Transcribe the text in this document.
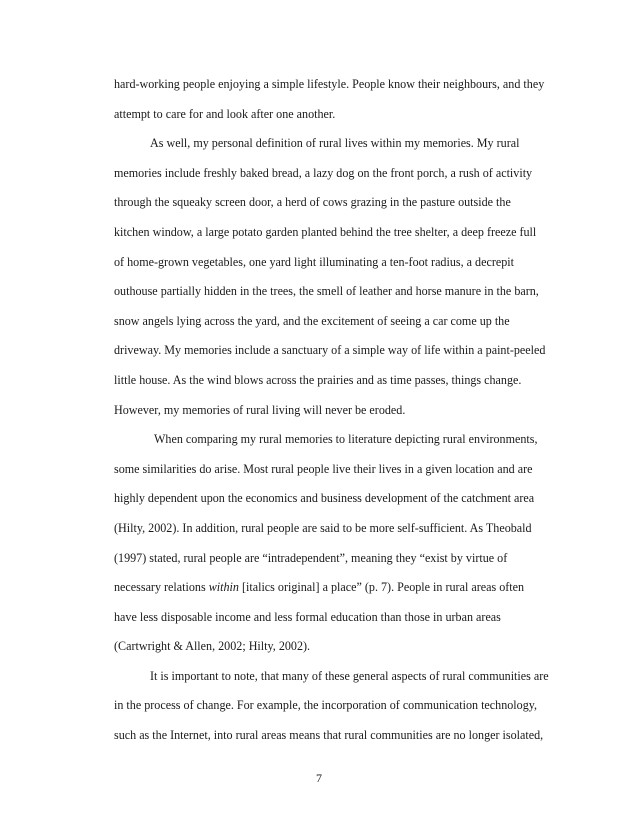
hard-working people enjoying a simple lifestyle. People know their neighbours, and they
attempt to care for and look after one another.
As well, my personal definition of rural lives within my memories. My rural
memories include freshly baked bread, a lazy dog on the front porch, a rush of activity
through the squeaky screen door, a herd of cows grazing in the pasture outside the
kitchen window, a large potato garden planted behind the tree shelter, a deep freeze full
of home-grown vegetables, one yard light illuminating a ten-foot radius, a decrepit
outhouse partially hidden in the trees, the smell of leather and horse manure in the barn,
snow angels lying across the yard, and the excitement of seeing a car come up the
driveway. My memories include a sanctuary of a simple way of life within a paint-peeled
little house. As the wind blows across the prairies and as time passes, things change.
However, my memories of rural living will never be eroded.
When comparing my rural memories to literature depicting rural environments,
some similarities do arise. Most rural people live their lives in a given location and are
highly dependent upon the economics and business development of the catchment area
(Hilty, 2002). In addition, rural people are said to be more self-sufficient. As Theobald
(1997) stated, rural people are “intradependent”, meaning they “exist by virtue of
necessary relations within [italics original] a place” (p. 7). People in rural areas often
have less disposable income and less formal education than those in urban areas
(Cartwright & Allen, 2002; Hilty, 2002).
It is important to note, that many of these general aspects of rural communities are
in the process of change. For example, the incorporation of communication technology,
such as the Internet, into rural areas means that rural communities are no longer isolated,
7
